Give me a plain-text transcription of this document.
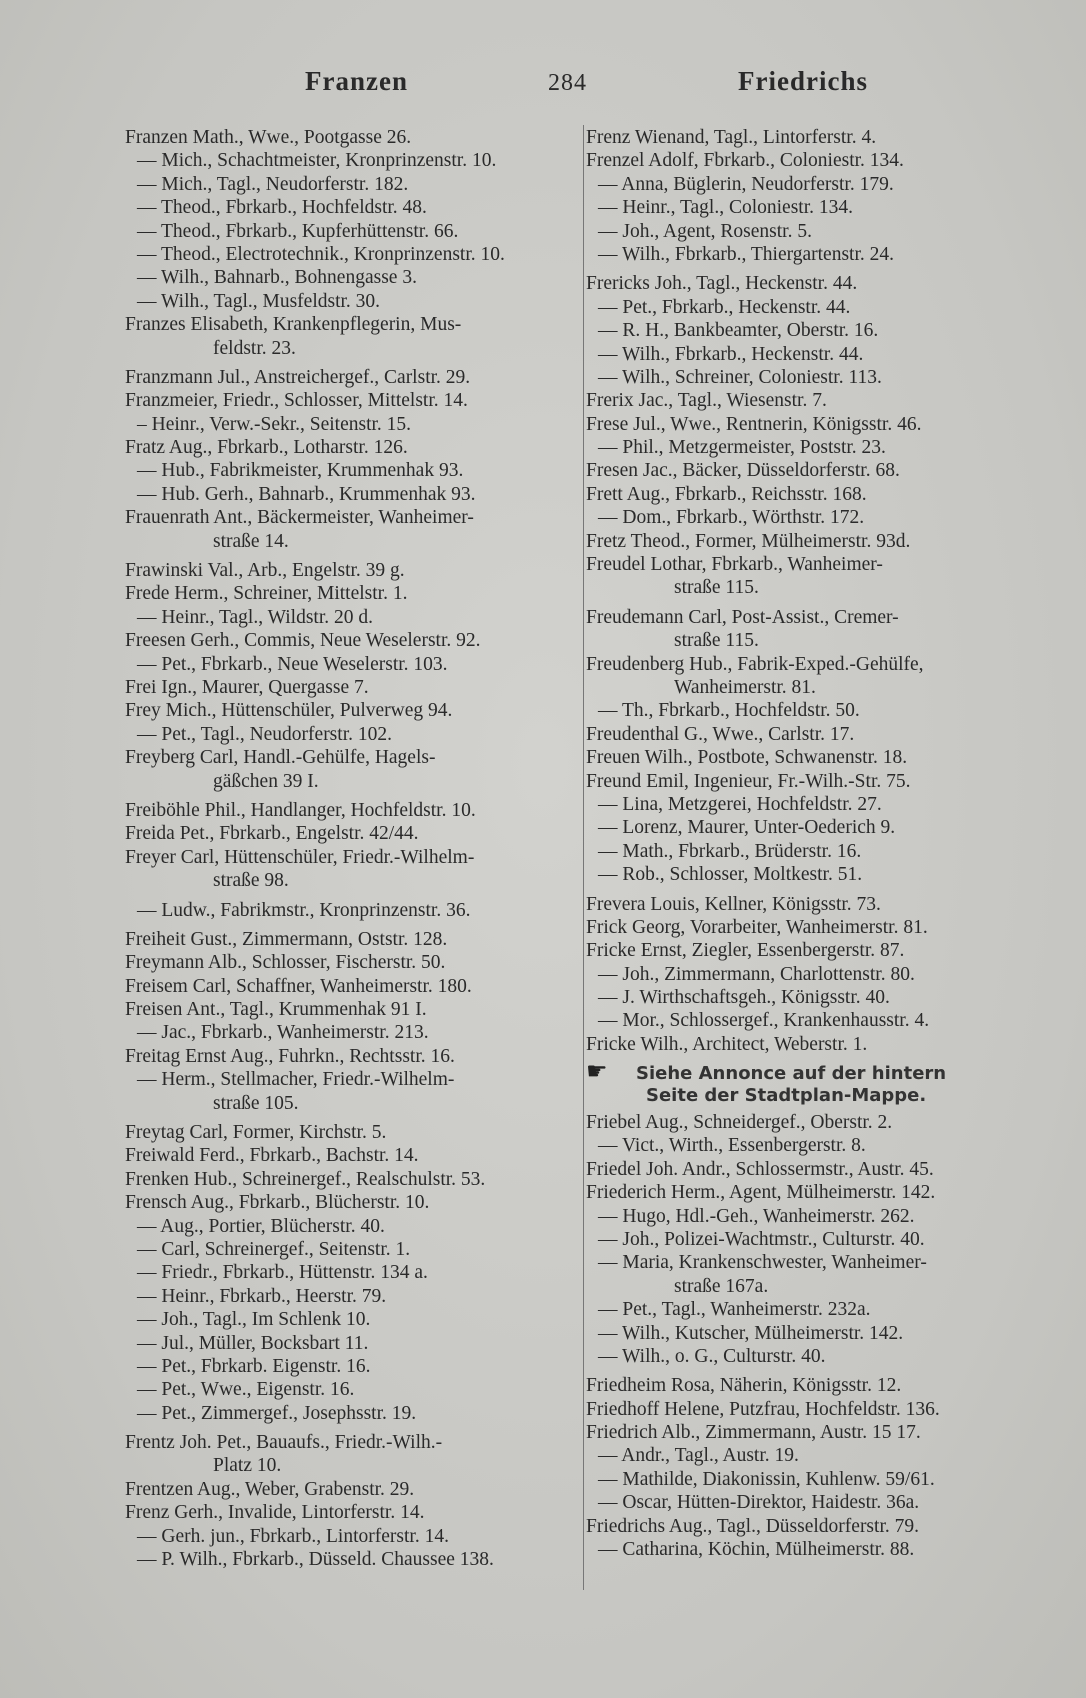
Franzen	284	Friedrichs
Franzen Math., Wwe., Pootgasse 26.
— Mich., Schachtmeister, Kronprinzenstr. 10.
— Mich., Tagl., Neudorferstr. 182.
— Theod., Fbrkarb., Hochfeldstr. 48.
— Theod., Fbrkarb., Kupferhüttenstr. 66.
— Theod., Electrotechnik., Kronprinzenstr. 10.
— Wilh., Bahnarb., Bohnengasse 3.
— Wilh., Tagl., Musfeldstr. 30.
Franzes Elisabeth, Krankenpflegerin, Mus-
feldstr. 23.
Franzmann Jul., Anstreichergef., Carlstr. 29.
Franzmeier, Friedr., Schlosser, Mittelstr. 14.
– Heinr., Verw.-Sekr., Seitenstr. 15.
Fratz Aug., Fbrkarb., Lotharstr. 126.
— Hub., Fabrikmeister, Krummenhak 93.
— Hub. Gerh., Bahnarb., Krummenhak 93.
Frauenrath Ant., Bäckermeister, Wanheimer-
straße 14.
Frawinski Val., Arb., Engelstr. 39 g.
Frede Herm., Schreiner, Mittelstr. 1.
— Heinr., Tagl., Wildstr. 20 d.
Freesen Gerh., Commis, Neue Weselerstr. 92.
— Pet., Fbrkarb., Neue Weselerstr. 103.
Frei Ign., Maurer, Quergasse 7.
Frey Mich., Hüttenschüler, Pulverweg 94.
— Pet., Tagl., Neudorferstr. 102.
Freyberg Carl, Handl.-Gehülfe, Hagels-
gäßchen 39 I.
Freiböhle Phil., Handlanger, Hochfeldstr. 10.
Freida Pet., Fbrkarb., Engelstr. 42/44.
Freyer Carl, Hüttenschüler, Friedr.-Wilhelm-
straße 98.
— Ludw., Fabrikmstr., Kronprinzenstr. 36.
Freiheit Gust., Zimmermann, Oststr. 128.
Freymann Alb., Schlosser, Fischerstr. 50.
Freisem Carl, Schaffner, Wanheimerstr. 180.
Freisen Ant., Tagl., Krummenhak 91 I.
— Jac., Fbrkarb., Wanheimerstr. 213.
Freitag Ernst Aug., Fuhrkn., Rechtsstr. 16.
— Herm., Stellmacher, Friedr.-Wilhelm-
straße 105.
Freytag Carl, Former, Kirchstr. 5.
Freiwald Ferd., Fbrkarb., Bachstr. 14.
Frenken Hub., Schreinergef., Realschulstr. 53.
Frensch Aug., Fbrkarb., Blücherstr. 10.
— Aug., Portier, Blücherstr. 40.
— Carl, Schreinergef., Seitenstr. 1.
— Friedr., Fbrkarb., Hüttenstr. 134 a.
— Heinr., Fbrkarb., Heerstr. 79.
— Joh., Tagl., Im Schlenk 10.
— Jul., Müller, Bocksbart 11.
— Pet., Fbrkarb. Eigenstr. 16.
— Pet., Wwe., Eigenstr. 16.
— Pet., Zimmergef., Josephsstr. 19.
Frentz Joh. Pet., Bauaufs., Friedr.-Wilh.-
Platz 10.
Frentzen Aug., Weber, Grabenstr. 29.
Frenz Gerh., Invalide, Lintorferstr. 14.
— Gerh. jun., Fbrkarb., Lintorferstr. 14.
— P. Wilh., Fbrkarb., Düsseld. Chaussee 138.
Frenz Wienand, Tagl., Lintorferstr. 4.
Frenzel Adolf, Fbrkarb., Coloniestr. 134.
— Anna, Büglerin, Neudorferstr. 179.
— Heinr., Tagl., Coloniestr. 134.
— Joh., Agent, Rosenstr. 5.
— Wilh., Fbrkarb., Thiergartenstr. 24.
Frericks Joh., Tagl., Heckenstr. 44.
— Pet., Fbrkarb., Heckenstr. 44.
— R. H., Bankbeamter, Oberstr. 16.
— Wilh., Fbrkarb., Heckenstr. 44.
— Wilh., Schreiner, Coloniestr. 113.
Frerix Jac., Tagl., Wiesenstr. 7.
Frese Jul., Wwe., Rentnerin, Königsstr. 46.
— Phil., Metzgermeister, Poststr. 23.
Fresen Jac., Bäcker, Düsseldorferstr. 68.
Frett Aug., Fbrkarb., Reichsstr. 168.
— Dom., Fbrkarb., Wörthstr. 172.
Fretz Theod., Former, Mülheimerstr. 93d.
Freudel Lothar, Fbrkarb., Wanheimer-
straße 115.
Freudemann Carl, Post-Assist., Cremer-
straße 115.
Freudenberg Hub., Fabrik-Exped.-Gehülfe,
Wanheimerstr. 81.
— Th., Fbrkarb., Hochfeldstr. 50.
Freudenthal G., Wwe., Carlstr. 17.
Freuen Wilh., Postbote, Schwanenstr. 18.
Freund Emil, Ingenieur, Fr.-Wilh.-Str. 75.
— Lina, Metzgerei, Hochfeldstr. 27.
— Lorenz, Maurer, Unter-Oederich 9.
— Math., Fbrkarb., Brüderstr. 16.
— Rob., Schlosser, Moltkestr. 51.
Frevera Louis, Kellner, Königsstr. 73.
Frick Georg, Vorarbeiter, Wanheimerstr. 81.
Fricke Ernst, Ziegler, Essenbergerstr. 87.
— Joh., Zimmermann, Charlottenstr. 80.
— J. Wirthschaftsgeh., Königsstr. 40.
— Mor., Schlossergef., Krankenhausstr. 4.
Fricke Wilh., Architect, Weberstr. 1.
☛ Siehe Annonce auf der hintern
Seite der Stadtplan-Mappe.
Friebel Aug., Schneidergef., Oberstr. 2.
— Vict., Wirth., Essenbergerstr. 8.
Friedel Joh. Andr., Schlossermstr., Austr. 45.
Friederich Herm., Agent, Mülheimerstr. 142.
— Hugo, Hdl.-Geh., Wanheimerstr. 262.
— Joh., Polizei-Wachtmstr., Culturstr. 40.
— Maria, Krankenschwester, Wanheimer-
straße 167a.
— Pet., Tagl., Wanheimerstr. 232a.
— Wilh., Kutscher, Mülheimerstr. 142.
— Wilh., o. G., Culturstr. 40.
Friedheim Rosa, Näherin, Königsstr. 12.
Friedhoff Helene, Putzfrau, Hochfeldstr. 136.
Friedrich Alb., Zimmermann, Austr. 15 17.
— Andr., Tagl., Austr. 19.
— Mathilde, Diakonissin, Kuhlenw. 59/61.
— Oscar, Hütten-Direktor, Haidestr. 36a.
Friedrichs Aug., Tagl., Düsseldorferstr. 79.
— Catharina, Köchin, Mülheimerstr. 88.
